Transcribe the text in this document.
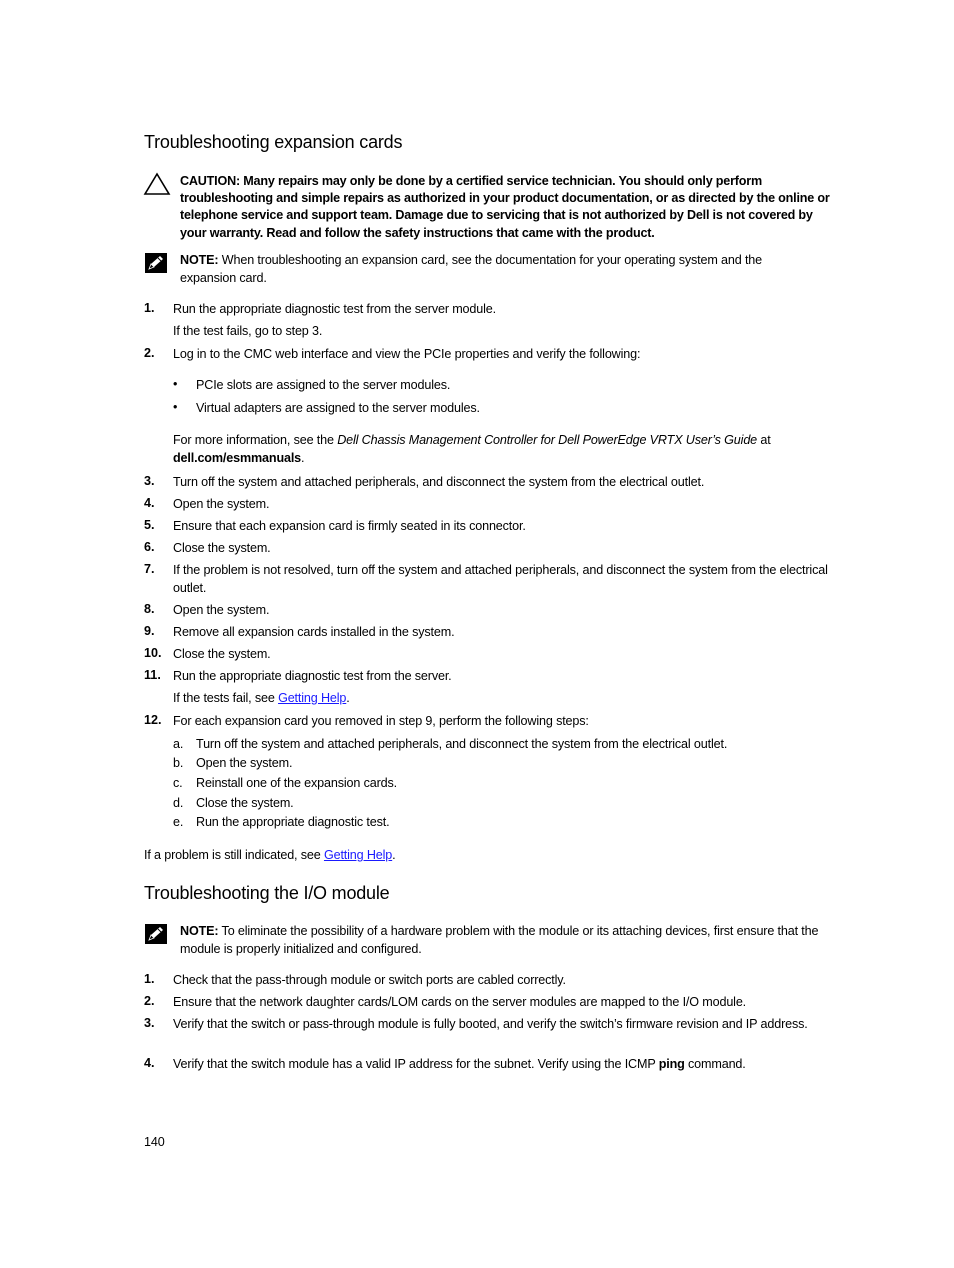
Troubleshooting expansion cards
CAUTION: Many repairs may only be done by a certified service technician. You should only perform troubleshooting and simple repairs as authorized in your product documentation, or as directed by the online or telephone service and support team. Damage due to servicing that is not authorized by Dell is not covered by your warranty. Read and follow the safety instructions that came with the product.
NOTE: When troubleshooting an expansion card, see the documentation for your operating system and the expansion card.
1.	Run the appropriate diagnostic test from the server module.
If the test fails, go to step 3.
2.	Log in to the CMC web interface and view the PCIe properties and verify the following:
• PCIe slots are assigned to the server modules.
• Virtual adapters are assigned to the server modules.
For more information, see the Dell Chassis Management Controller for Dell PowerEdge VRTX User’s Guide at
dell.com/esmmanuals.
3.	Turn off the system and attached peripherals, and disconnect the system from the electrical outlet.
4.	Open the system.
5.	Ensure that each expansion card is firmly seated in its connector.
6.	Close the system.
7.	If the problem is not resolved, turn off the system and attached peripherals, and disconnect the system from the electrical outlet.
8.	Open the system.
9.	Remove all expansion cards installed in the system.
10. Close the system.
11. Run the appropriate diagnostic test from the server.
If the tests fail, see Getting Help.
12. For each expansion card you removed in step 9, perform the following steps:
a. Turn off the system and attached peripherals, and disconnect the system from the electrical outlet.
b. Open the system.
c. Reinstall one of the expansion cards.
d. Close the system.
e. Run the appropriate diagnostic test.
If a problem is still indicated, see Getting Help.
Troubleshooting the I/O module
NOTE: To eliminate the possibility of a hardware problem with the module or its attaching devices, first ensure that the module is properly initialized and configured.
1.	Check that the pass-through module or switch ports are cabled correctly.
2.	Ensure that the network daughter cards/LOM cards on the server modules are mapped to the I/O module.
3.	Verify that the switch or pass-through module is fully booted, and verify the switch’s firmware revision and IP address.
4.	Verify that the switch module has a valid IP address for the subnet. Verify using the ICMP ping command.
140
